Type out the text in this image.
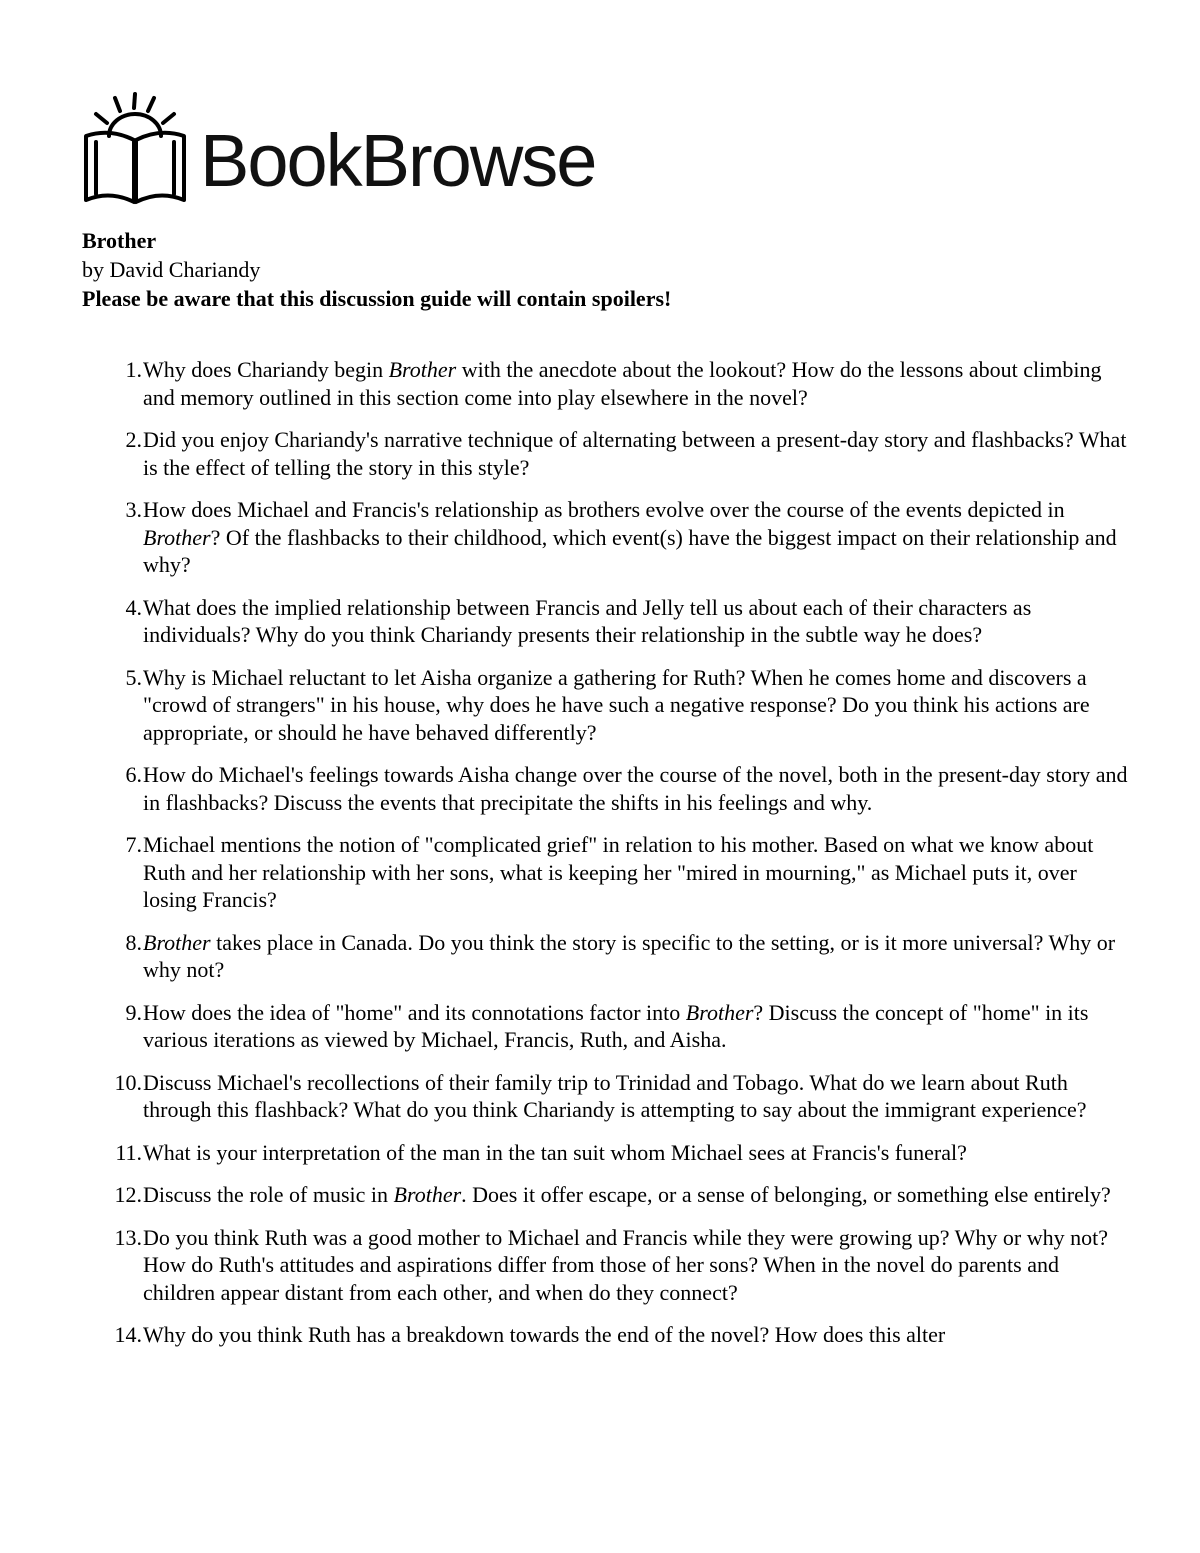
BookBrowse
Brother
by David Chariandy
Please be aware that this discussion guide will contain spoilers!
1. Why does Chariandy begin Brother with the anecdote about the lookout? How do the lessons about climbing and memory outlined in this section come into play elsewhere in the novel?
2. Did you enjoy Chariandy's narrative technique of alternating between a present-day story and flashbacks? What is the effect of telling the story in this style?
3. How does Michael and Francis's relationship as brothers evolve over the course of the events depicted in Brother? Of the flashbacks to their childhood, which event(s) have the biggest impact on their relationship and why?
4. What does the implied relationship between Francis and Jelly tell us about each of their characters as individuals? Why do you think Chariandy presents their relationship in the subtle way he does?
5. Why is Michael reluctant to let Aisha organize a gathering for Ruth? When he comes home and discovers a "crowd of strangers" in his house, why does he have such a negative response? Do you think his actions are appropriate, or should he have behaved differently?
6. How do Michael's feelings towards Aisha change over the course of the novel, both in the present-day story and in flashbacks? Discuss the events that precipitate the shifts in his feelings and why.
7. Michael mentions the notion of "complicated grief" in relation to his mother. Based on what we know about Ruth and her relationship with her sons, what is keeping her "mired in mourning," as Michael puts it, over losing Francis?
8. Brother takes place in Canada. Do you think the story is specific to the setting, or is it more universal? Why or why not?
9. How does the idea of "home" and its connotations factor into Brother? Discuss the concept of "home" in its various iterations as viewed by Michael, Francis, Ruth, and Aisha.
10. Discuss Michael's recollections of their family trip to Trinidad and Tobago. What do we learn about Ruth through this flashback? What do you think Chariandy is attempting to say about the immigrant experience?
11. What is your interpretation of the man in the tan suit whom Michael sees at Francis's funeral?
12. Discuss the role of music in Brother. Does it offer escape, or a sense of belonging, or something else entirely?
13. Do you think Ruth was a good mother to Michael and Francis while they were growing up? Why or why not? How do Ruth's attitudes and aspirations differ from those of her sons? When in the novel do parents and children appear distant from each other, and when do they connect?
14. Why do you think Ruth has a breakdown towards the end of the novel? How does this alter
